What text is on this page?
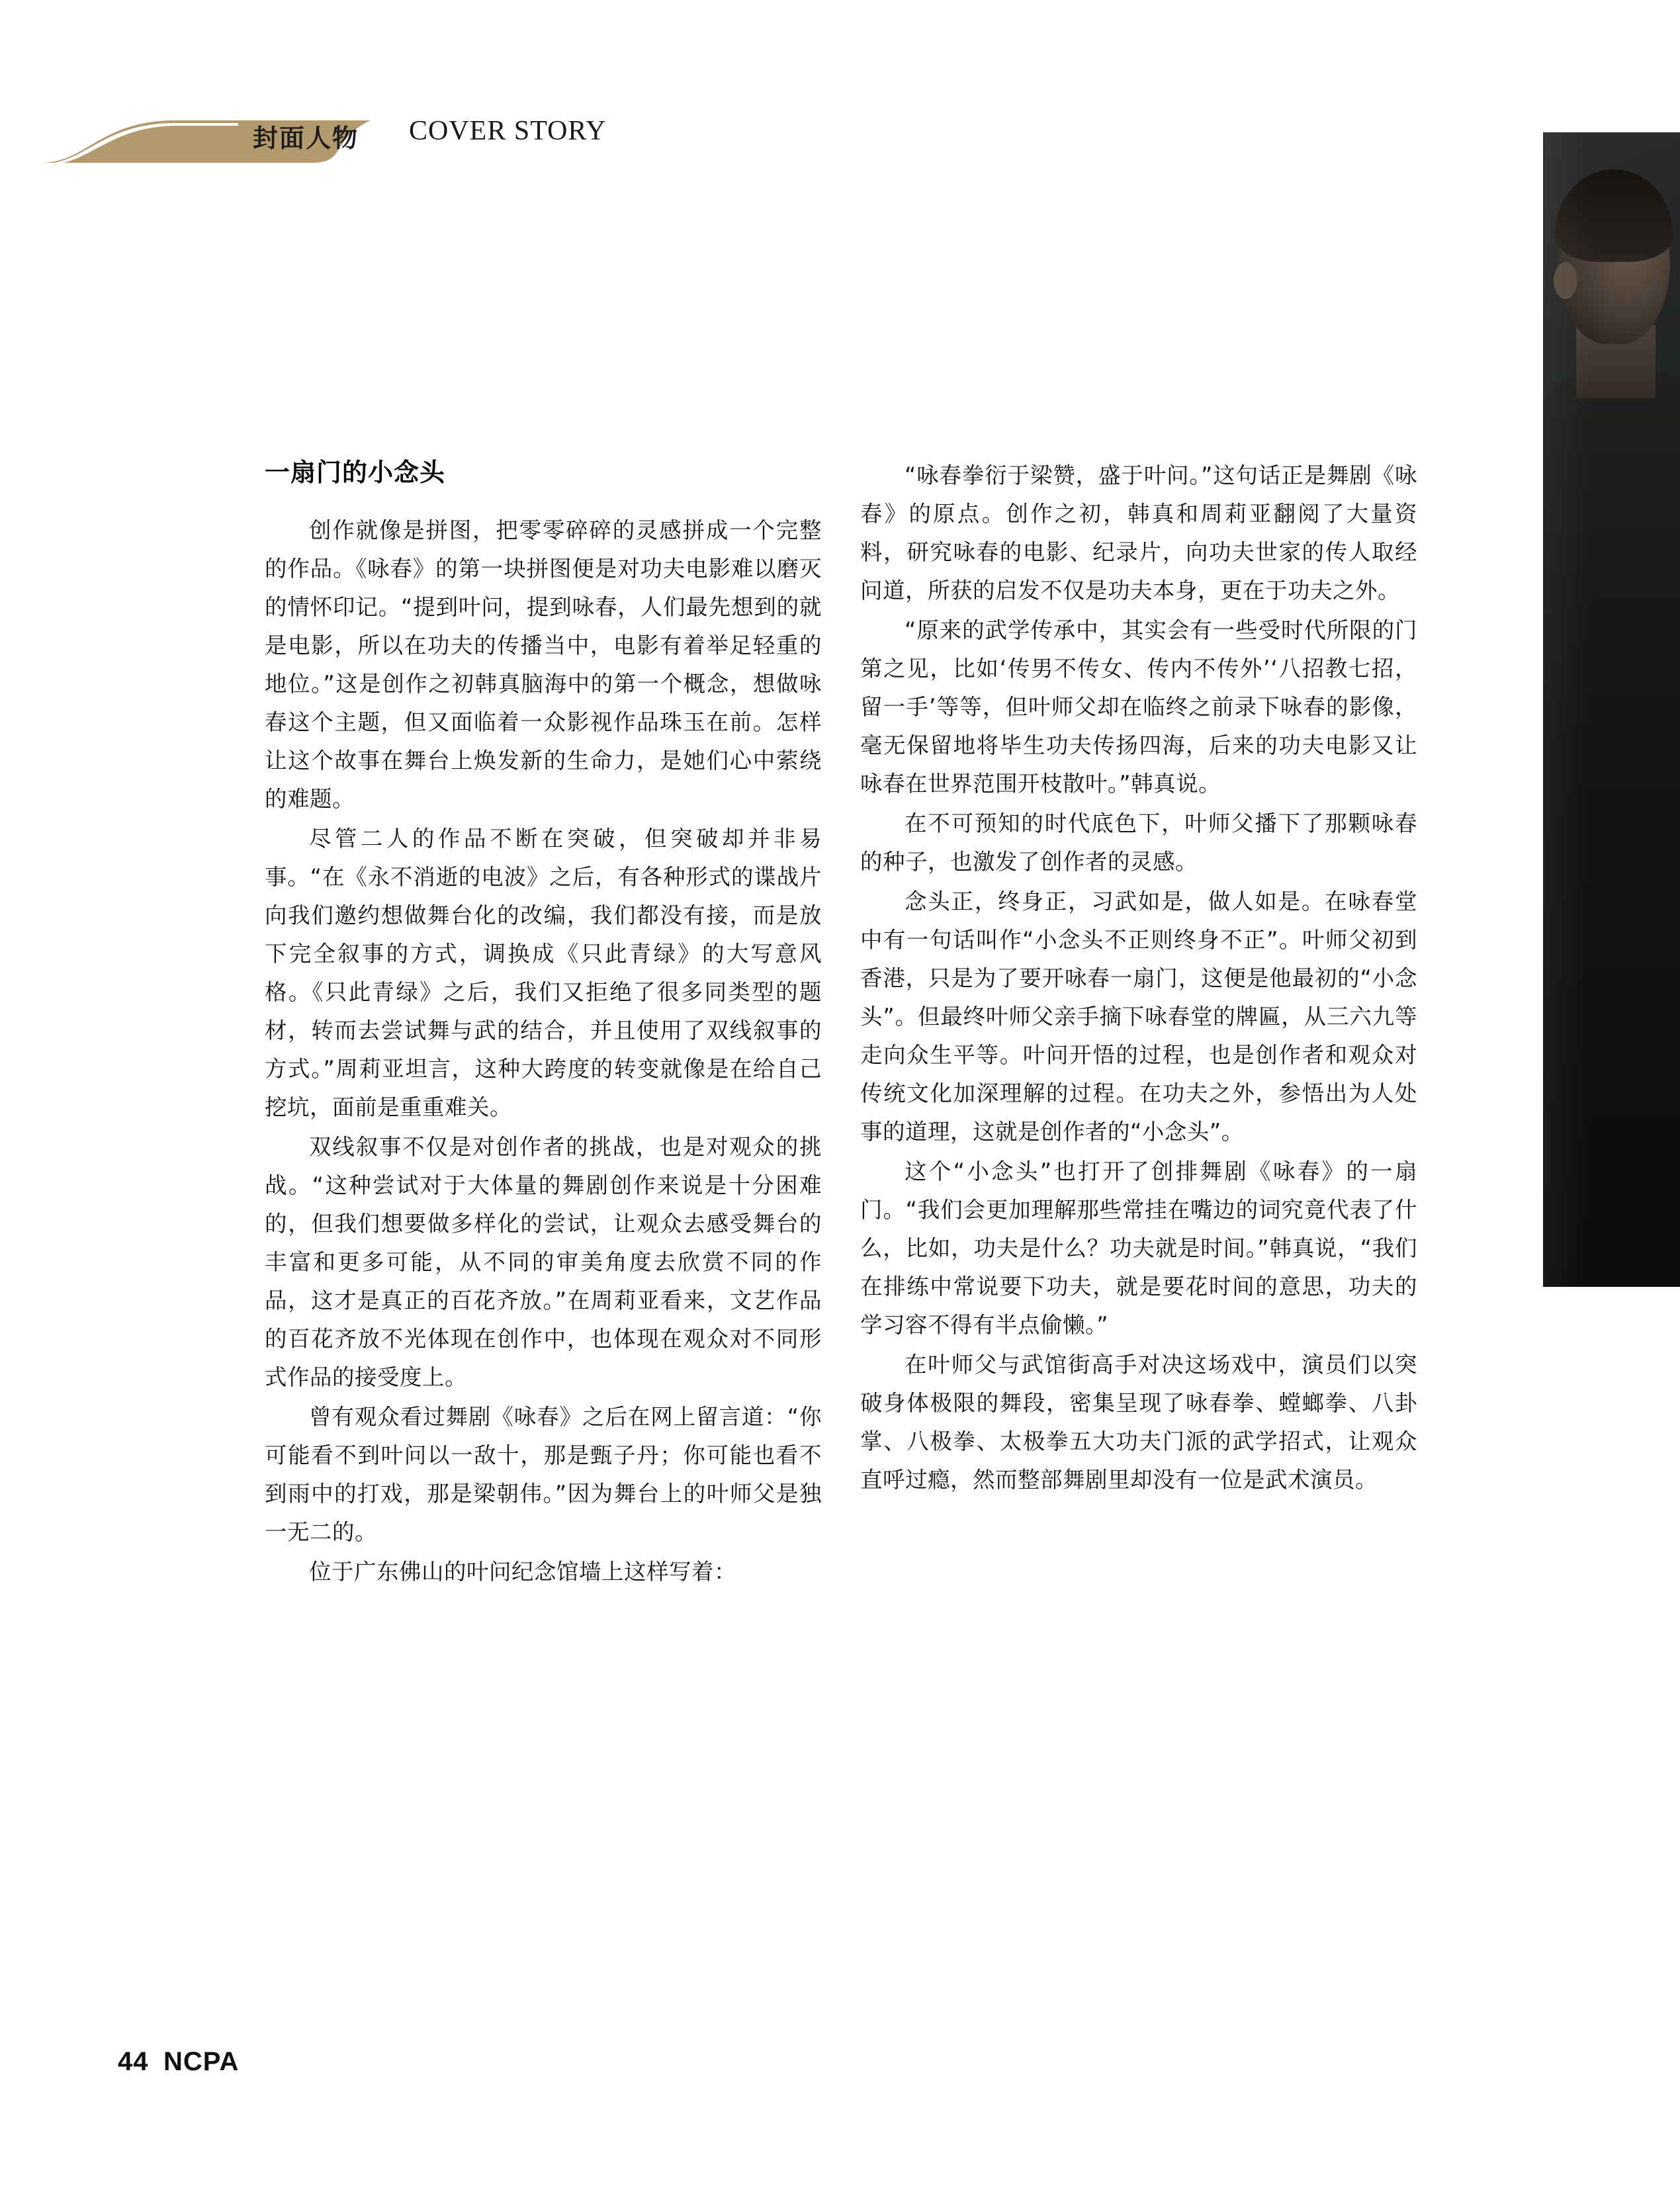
封面人物 COVER STORY
一扇门的小念头

创作就像是拼图，把零零碎碎的灵感拼成一个完整的作品。《咏春》的第一块拼图便是对功夫电影难以磨灭的情怀印记。“提到叶问，提到咏春，人们最先想到的就是电影，所以在功夫的传播当中，电影有着举足轻重的地位。”这是创作之初韩真脑海中的第一个概念，想做咏春这个主题，但又面临着一众影视作品珠玉在前。怎样让这个故事在舞台上焕发新的生命力，是她们心中萦绕的难题。

尽管二人的作品不断在突破，但突破却并非易事。“在《永不消逝的电波》之后，有各种形式的谍战片向我们邀约想做舞台化的改编，我们都没有接，而是放下完全叙事的方式，调换成《只此青绿》的大写意风格。《只此青绿》之后，我们又拒绝了很多同类型的题材，转而去尝试舞与武的结合，并且使用了双线叙事的方式。”周莉亚坦言，这种大跨度的转变就像是在给自己挖坑，面前是重重难关。

双线叙事不仅是对创作者的挑战，也是对观众的挑战。“这种尝试对于大体量的舞剧创作来说是十分困难的，但我们想要做多样化的尝试，让观众去感受舞台的丰富和更多可能，从不同的审美角度去欣赏不同的作品，这才是真正的百花齐放。”在周莉亚看来，文艺作品的百花齐放不光体现在创作中，也体现在观众对不同形式作品的接受度上。

曾有观众看过舞剧《咏春》之后在网上留言道：“你可能看不到叶问以一敌十，那是甄子丹；你可能也看不到雨中的打戏，那是梁朝伟。”因为舞台上的叶师父是独一无二的。

位于广东佛山的叶问纪念馆墙上这样写着：

“咏春拳衍于梁赞，盛于叶问。”这句话正是舞剧《咏春》的原点。创作之初，韩真和周莉亚翻阅了大量资料，研究咏春的电影、纪录片，向功夫世家的传人取经问道，所获的启发不仅是功夫本身，更在于功夫之外。

“原来的武学传承中，其实会有一些受时代所限的门第之见，比如‘传男不传女、传内不传外’‘八招教七招，留一手’等等，但叶师父却在临终之前录下咏春的影像，毫无保留地将毕生功夫传扬四海，后来的功夫电影又让咏春在世界范围开枝散叶。”韩真说。

在不可预知的时代底色下，叶师父播下了那颗咏春的种子，也激发了创作者的灵感。

念头正，终身正，习武如是，做人如是。在咏春堂中有一句话叫作“小念头不正则终身不正”。叶师父初到香港，只是为了要开咏春一扇门，这便是他最初的“小念头”。但最终叶师父亲手摘下咏春堂的牌匾，从三六九等走向众生平等。叶问开悟的过程，也是创作者和观众对传统文化加深理解的过程。在功夫之外，参悟出为人处事的道理，这就是创作者的“小念头”。

这个“小念头”也打开了创排舞剧《咏春》的一扇门。“我们会更加理解那些常挂在嘴边的词究竟代表了什么，比如，功夫是什么？功夫就是时间。”韩真说，“我们在排练中常说要下功夫，就是要花时间的意思，功夫的学习容不得有半点偷懒。”

在叶师父与武馆街高手对决这场戏中，演员们以突破身体极限的舞段，密集呈现了咏春拳、螳螂拳、八卦掌、八极拳、太极拳五大功夫门派的武学招式，让观众直呼过瘾，然而整部舞剧里却没有一位是武术演员。

44 NCPA
